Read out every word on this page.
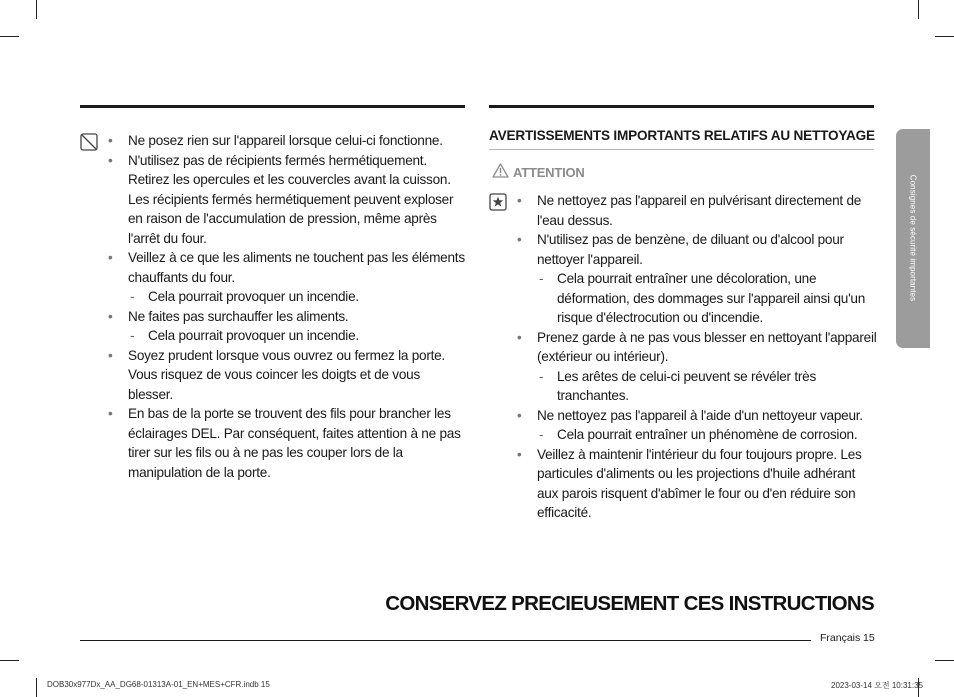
• Ne posez rien sur l'appareil lorsque celui-ci fonctionne.
• N'utilisez pas de récipients fermés hermétiquement. Retirez les opercules et les couvercles avant la cuisson. Les récipients fermés hermétiquement peuvent exploser en raison de l'accumulation de pression, même après l'arrêt du four.
• Veillez à ce que les aliments ne touchent pas les éléments chauffants du four.
- Cela pourrait provoquer un incendie.
• Ne faites pas surchauffer les aliments.
- Cela pourrait provoquer un incendie.
• Soyez prudent lorsque vous ouvrez ou fermez la porte. Vous risquez de vous coincer les doigts et de vous blesser.
• En bas de la porte se trouvent des fils pour brancher les éclairages DEL. Par conséquent, faites attention à ne pas tirer sur les fils ou à ne pas les couper lors de la manipulation de la porte.
AVERTISSEMENTS IMPORTANTS RELATIFS AU NETTOYAGE
ATTENTION
• Ne nettoyez pas l'appareil en pulvérisant directement de l'eau dessus.
• N'utilisez pas de benzène, de diluant ou d'alcool pour nettoyer l'appareil.
- Cela pourrait entraîner une décoloration, une déformation, des dommages sur l'appareil ainsi qu'un risque d'électrocution ou d'incendie.
• Prenez garde à ne pas vous blesser en nettoyant l'appareil (extérieur ou intérieur).
- Les arêtes de celui-ci peuvent se révéler très tranchantes.
• Ne nettoyez pas l'appareil à l'aide d'un nettoyeur vapeur.
- Cela pourrait entraîner un phénomène de corrosion.
• Veillez à maintenir l'intérieur du four toujours propre. Les particules d'aliments ou les projections d'huile adhérant aux parois risquent d'abîmer le four ou d'en réduire son efficacité.
CONSERVEZ PRECIEUSEMENT CES INSTRUCTIONS
Consignes de sécurité importantes
Français 15
DOB30x977Dx_AA_DG68-01313A-01_EN+MES+CFR.indb 15	2023-03-14 오전 10:31:35
